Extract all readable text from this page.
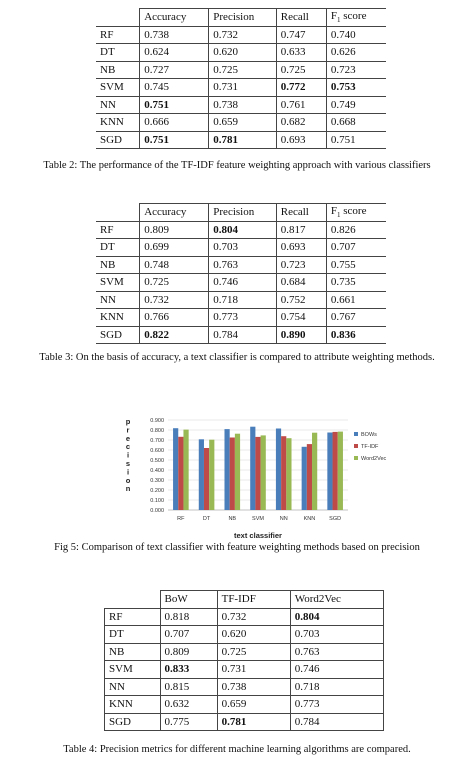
	Accuracy	Precision	Recall	$F_1$ score
RF	0.738	0.732	0.747	0.740
DT	0.624	0.620	0.633	0.626
NB	0.727	0.725	0.725	0.723
SVM	0.745	0.731	0.772	0.753
NN	0.751	0.738	0.761	0.749
KNN	0.666	0.659	0.682	0.668
SGD	0.751	0.781	0.693	0.751
Table 2: The performance of the TF-IDF feature weighting approach with various classifiers
	Accuracy	Precision	Recall	$F_1$ score
RF	0.809	0.804	0.817	0.826
DT	0.699	0.703	0.693	0.707
NB	0.748	0.763	0.723	0.755
SVM	0.725	0.746	0.684	0.735
NN	0.732	0.718	0.752	0.661
KNN	0.766	0.773	0.754	0.767
SGD	0.822	0.784	0.890	0.836
Table 3: On the basis of accuracy, a text classifier is compared to attribute weighting methods.
0.000
0.100
0.200
0.300
0.400
0.500
0.600
0.700
0.800
0.900
RF	DT	NB	SVM	NN	KNN	SGD
p
r
e
c
i
s
i
o
n
text classifier
BOWs
TF-IDF
Word2Vec
Fig 5: Comparison of text classifier with feature weighting methods based on precision
	BoW	TF-IDF	Word2Vec
RF	0.818	0.732	0.804
DT	0.707	0.620	0.703
NB	0.809	0.725	0.763
SVM	0.833	0.731	0.746
NN	0.815	0.738	0.718
KNN	0.632	0.659	0.773
SGD	0.775	0.781	0.784
Table 4: Precision metrics for different machine learning algorithms are compared.
